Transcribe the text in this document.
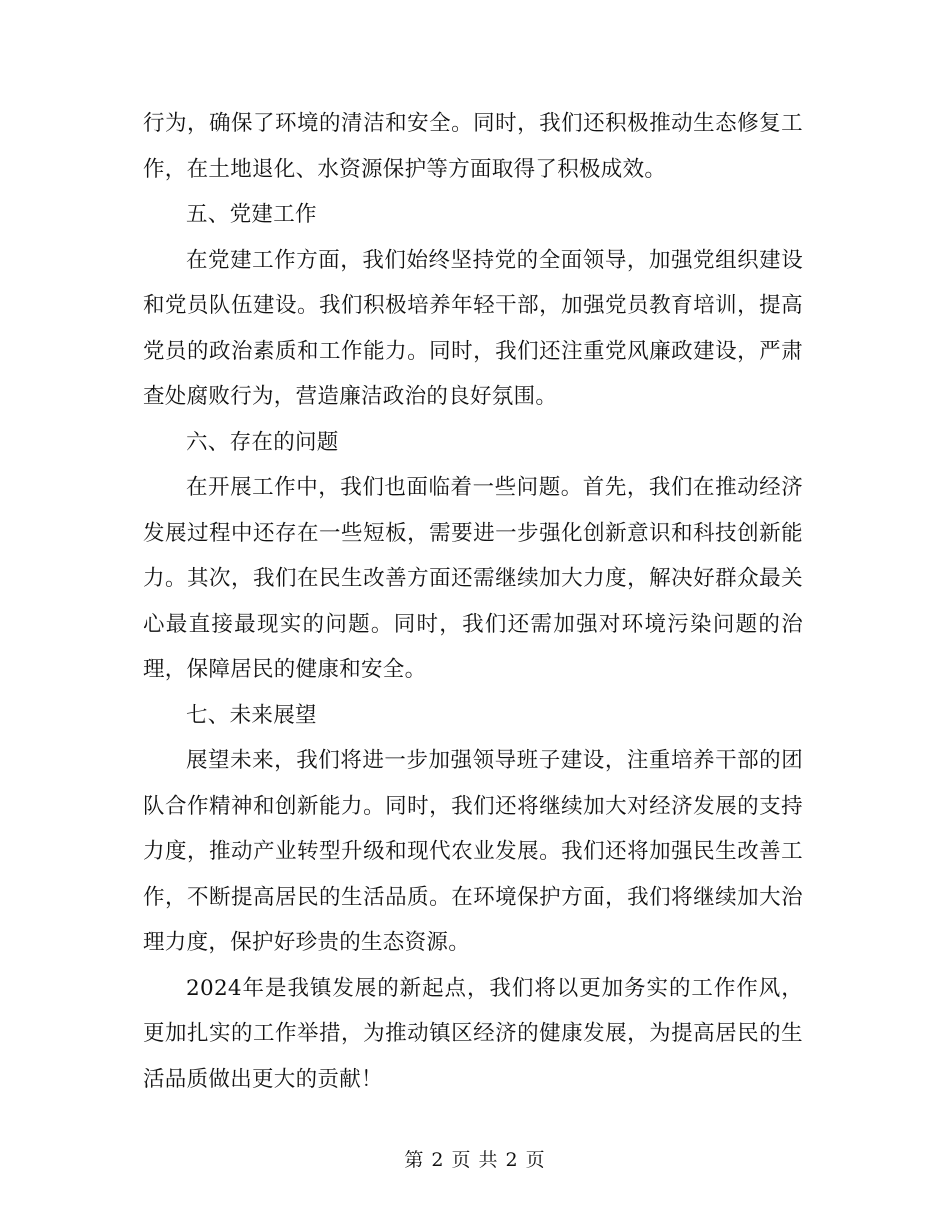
行为，确保了环境的清洁和安全。同时，我们还积极推动生态修复工作，在土地退化、水资源保护等方面取得了积极成效。

五、党建工作

在党建工作方面，我们始终坚持党的全面领导，加强党组织建设和党员队伍建设。我们积极培养年轻干部，加强党员教育培训，提高党员的政治素质和工作能力。同时，我们还注重党风廉政建设，严肃查处腐败行为，营造廉洁政治的良好氛围。

六、存在的问题

在开展工作中，我们也面临着一些问题。首先，我们在推动经济发展过程中还存在一些短板，需要进一步强化创新意识和科技创新能力。其次，我们在民生改善方面还需继续加大力度，解决好群众最关心最直接最现实的问题。同时，我们还需加强对环境污染问题的治理，保障居民的健康和安全。

七、未来展望

展望未来，我们将进一步加强领导班子建设，注重培养干部的团队合作精神和创新能力。同时，我们还将继续加大对经济发展的支持力度，推动产业转型升级和现代农业发展。我们还将加强民生改善工作，不断提高居民的生活品质。在环境保护方面，我们将继续加大治理力度，保护好珍贵的生态资源。

2024年是我镇发展的新起点，我们将以更加务实的工作作风，更加扎实的工作举措，为推动镇区经济的健康发展，为提高居民的生活品质做出更大的贡献！

第 2 页 共 2 页
